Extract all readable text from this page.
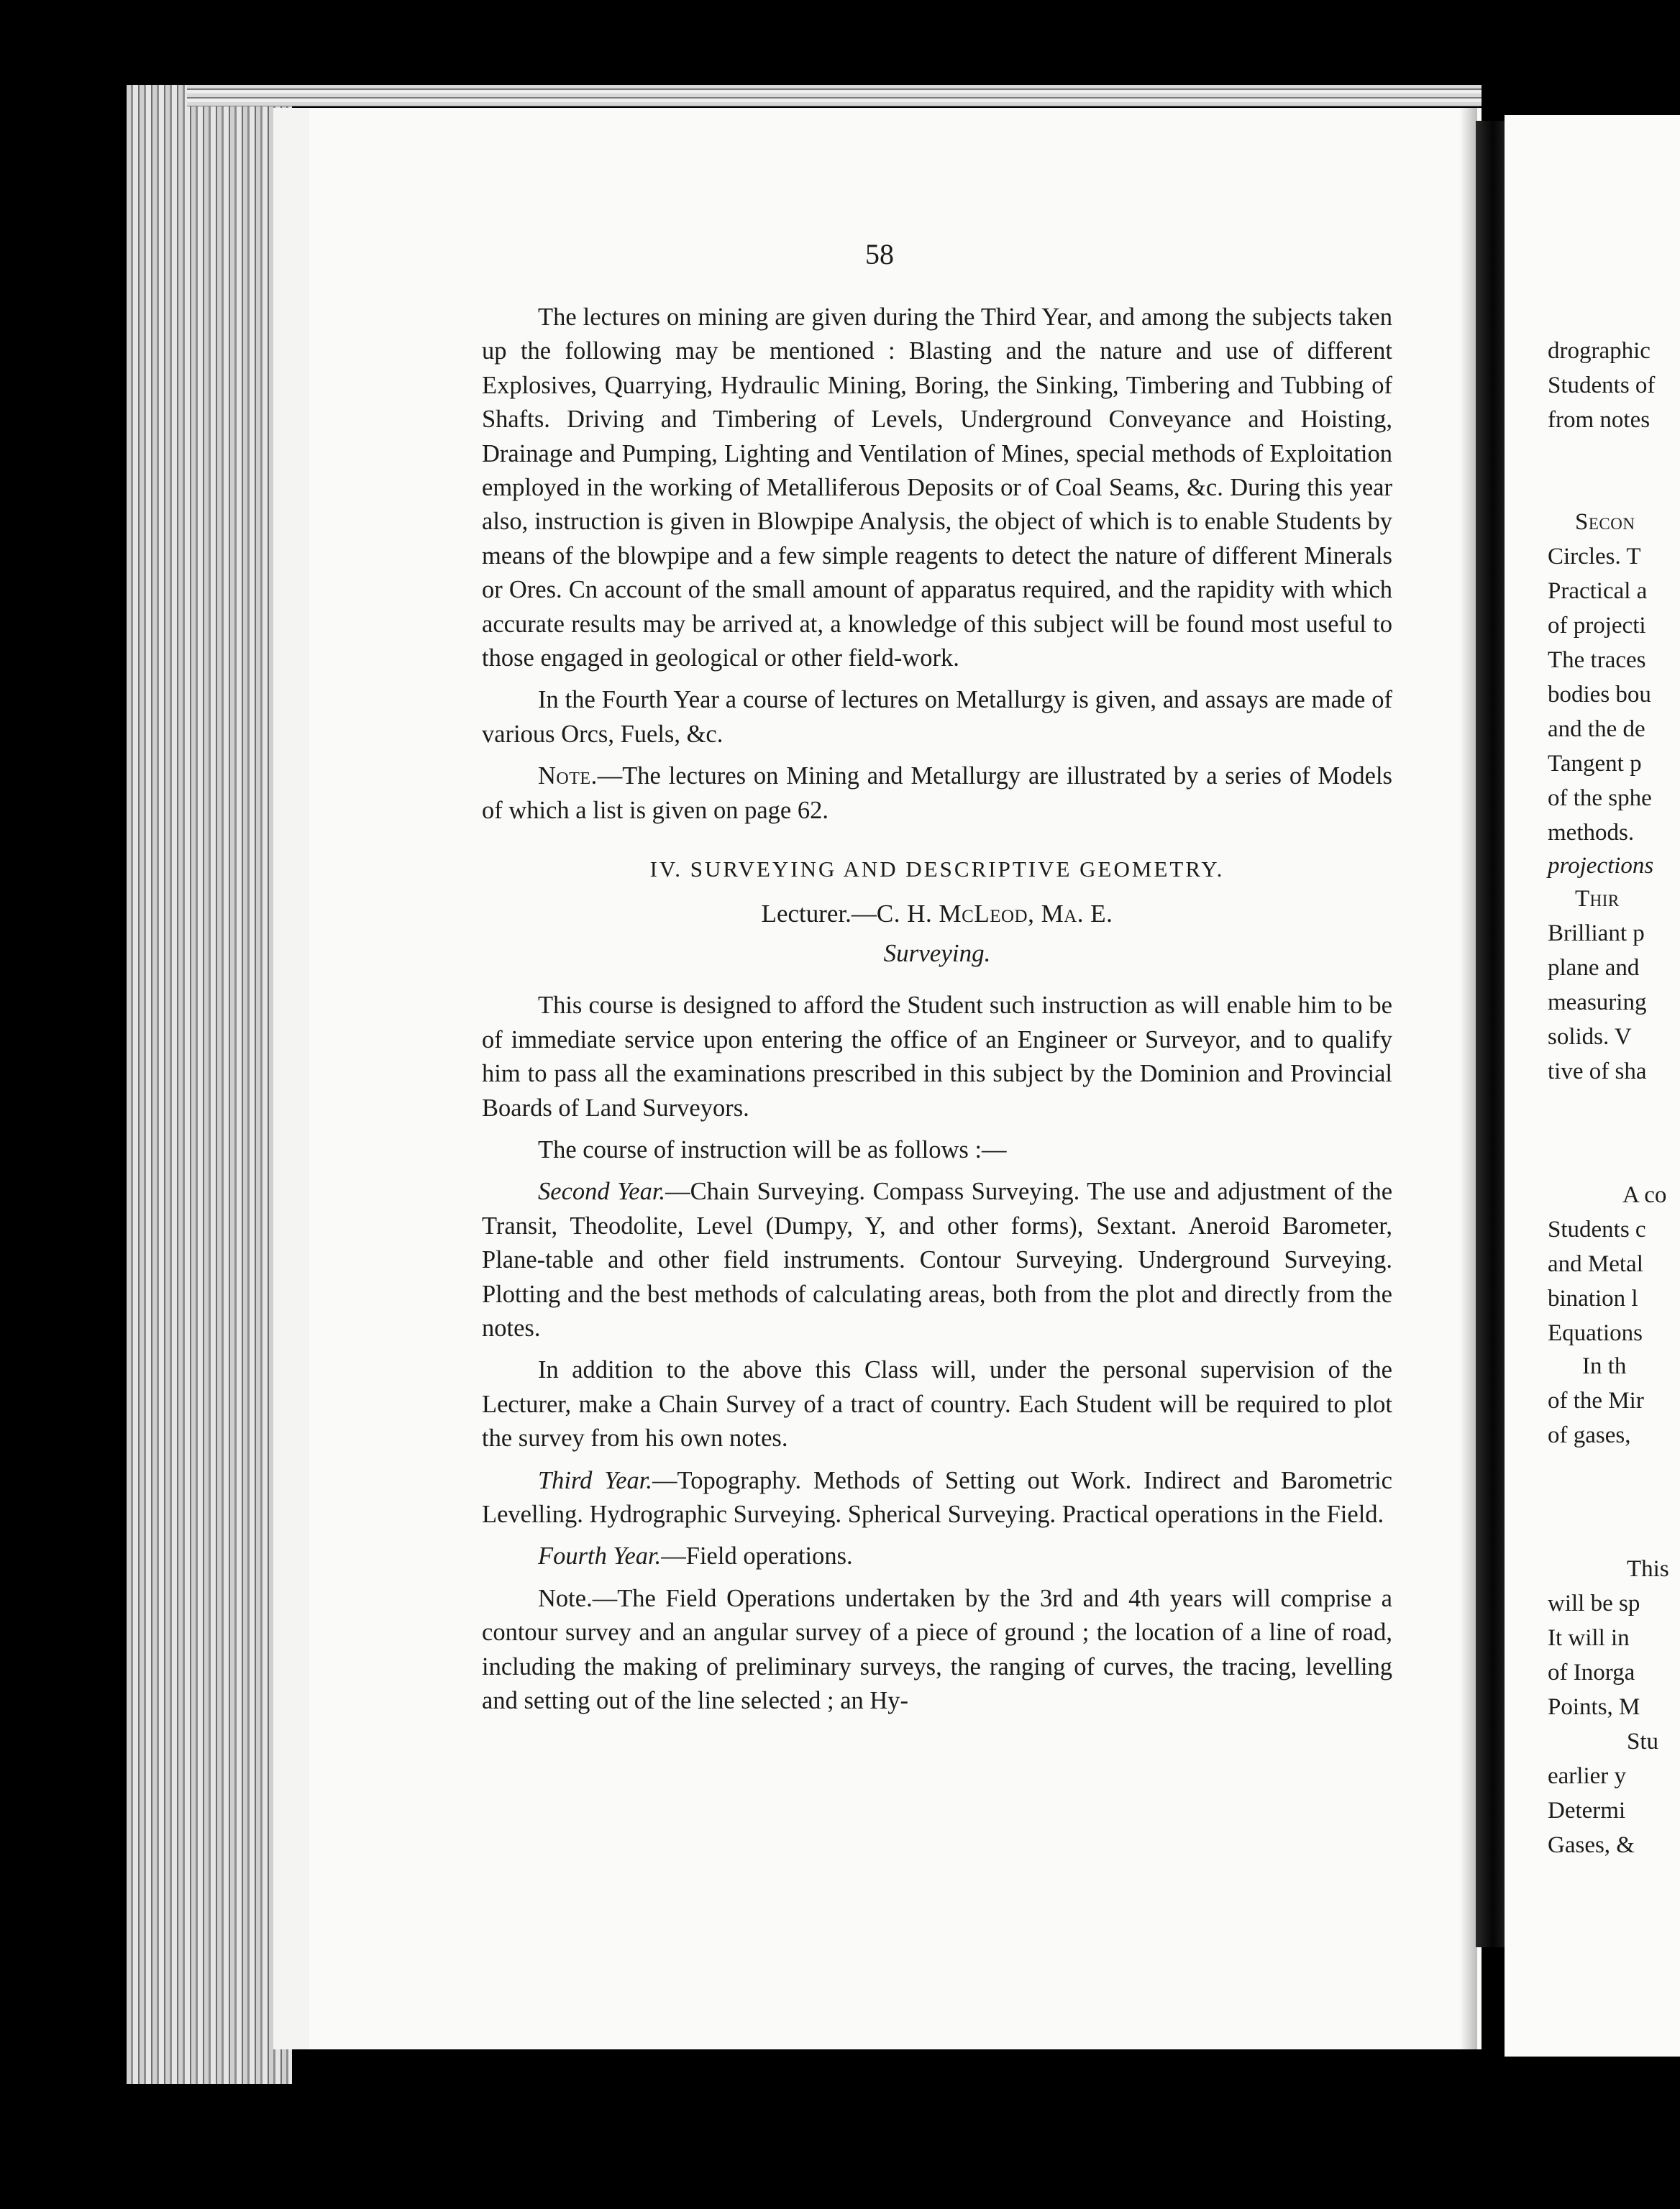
58

The lectures on mining are given during the Third Year, and among the subjects taken up the following may be mentioned : Blasting and the nature and use of different Explosives, Quarrying, Hydraulic Mining, Boring, the Sinking, Timbering and Tubbing of Shafts. Driving and Timbering of Levels, Underground Conveyance and Hoisting, Drainage and Pumping, Lighting and Ventilation of Mines, special methods of Exploitation employed in the working of Metalliferous Deposits or of Coal Seams, &c. During this year also, instruction is given in Blowpipe Analysis, the object of which is to enable Students by means of the blowpipe and a few simple reagents to detect the nature of different Minerals or Ores. Cn account of the small amount of apparatus required, and the rapidity with which accurate results may be arrived at, a knowledge of this subject will be found most useful to those engaged in geological or other field-work.

In the Fourth Year a course of lectures on Metallurgy is given, and assays are made of various Orcs, Fuels, &c.

Note.—The lectures on Mining and Metallurgy are illustrated by a series of Models of which a list is given on page 62.

IV. SURVEYING AND DESCRIPTIVE GEOMETRY.
Lecturer.—C. H. McLeod, Ma. E.
Surveying.

This course is designed to afford the Student such instruction as will enable him to be of immediate service upon entering the office of an Engineer or Surveyor, and to qualify him to pass all the examinations prescribed in this subject by the Dominion and Provincial Boards of Land Surveyors.

The course of instruction will be as follows :—

Second Year.—Chain Surveying. Compass Surveying. The use and adjustment of the Transit, Theodolite, Level (Dumpy, Y, and other forms), Sextant. Aneroid Barometer, Plane-table and other field instruments. Contour Surveying. Underground Surveying. Plotting and the best methods of calculating areas, both from the plot and directly from the notes.

In addition to the above this Class will, under the personal supervision of the Lecturer, make a Chain Survey of a tract of country. Each Student will be required to plot the survey from his own notes.

Third Year.—Topography. Methods of Setting out Work. Indirect and Barometric Levelling. Hydrographic Surveying. Spherical Surveying. Practical operations in the Field.

Fourth Year.—Field operations.

Note.—The Field Operations undertaken by the 3rd and 4th years will comprise a contour survey and an angular survey of a piece of ground ; the location of a line of road, including the making of preliminary surveys, the ranging of curves, the tracing, levelling and setting out of the line selected ; an Hy-

drographic
Students of
from notes
Secon
Circles. T
Practical a
of projecti
The traces
bodies bou
and the de
Tangent p
of the sphe
methods.
projections
Thir
Brilliant p
plane and
measuring
solids. V
tive of sha
A co
Students c
and Metal
bination l
Equations
In th
of the Mir
of gases,
This
will be sp
It will in
of Inorga
Points, M
Stu
earlier y
Determi
Gases, &
